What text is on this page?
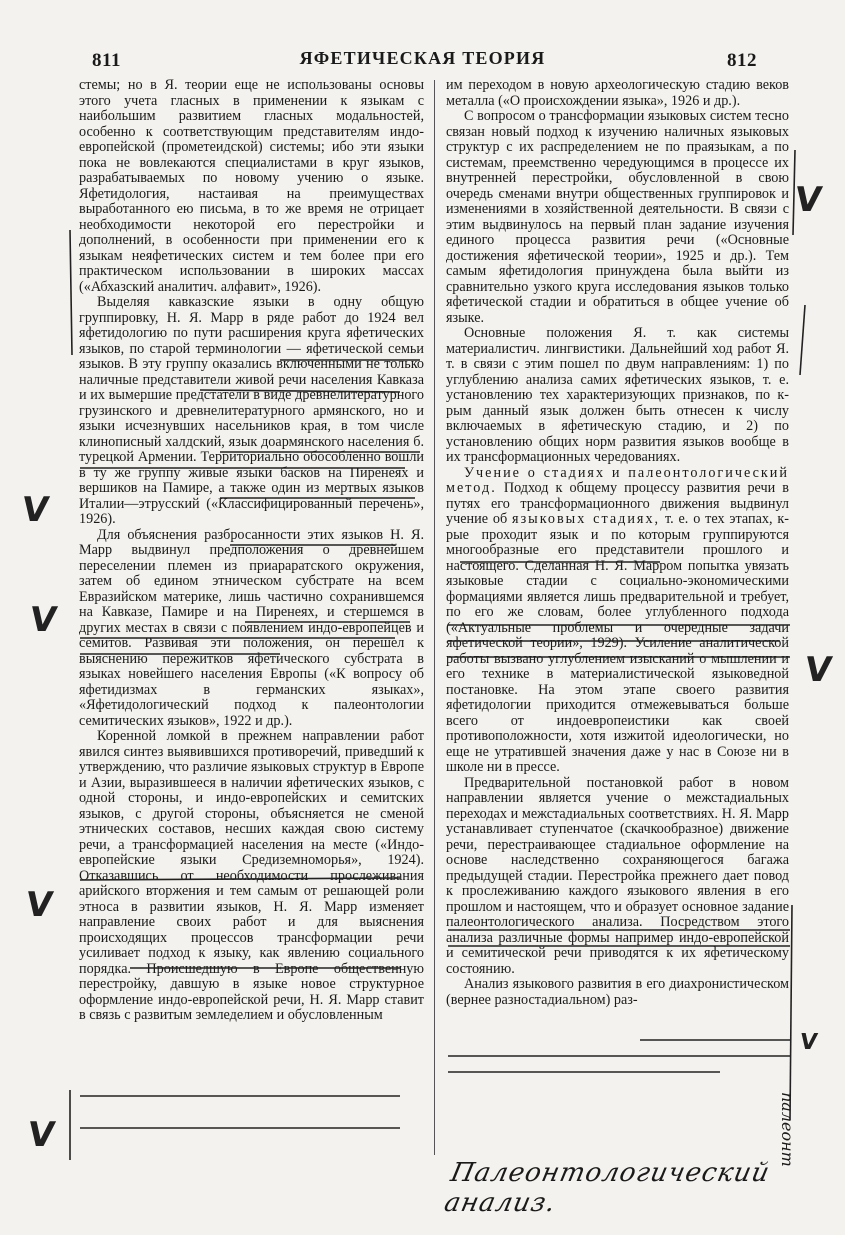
811	ЯФЕТИЧЕСКАЯ ТЕОРИЯ	812

стемы; но в Я. теории еще не использованы основы этого учета гласных в применении к языкам с наибольшим развитием гласных модальностей, особенно к соответствующим представителям индо-европейской (прометеидской) системы; ибо эти языки пока не вовлекаются специалистами в круг языков, разрабатываемых по новому учению о языке. Яфетидология, настаивая на преимуществах выработанного ею письма, в то же время не отрицает необходимости некоторой его перестройки и дополнений, в особенности при применении его к языкам неяфетических систем и тем более при его практическом использовании в широких массах («Абхазский аналитич. алфавит», 1926).

Выделяя кавказские языки в одну общую группировку, Н. Я. Марр в ряде работ до 1924 вел яфетидологию по пути расширения круга яфетических языков, по старой терминологии — яфетической семьи языков. В эту группу оказались включенными не только наличные представители живой речи населения Кавказа и их вымершие предстатели в виде древнелитературного грузинского и древнелитературного армянского, но и языки исчезнувших насельников края, в том числе клинописный халдский, язык доармянского населения б. турецкой Армении. Территориально обособленно вошли в ту же группу живые языки басков на Пиренеях и вершиков на Памире, а также один из мертвых языков Италии—этрусский («Классифицированный перечень», 1926).

Для объяснения разбросанности этих языков Н. Я. Марр выдвинул предположения о древнейшем переселении племен из приараратского окружения, затем об едином этническом субстрате на всем Евразийском материке, лишь частично сохранившемся на Кавказе, Памире и на Пиренеях, и стершемся в других местах в связи с появлением индо-европейцев и семитов. Развивая эти положения, он перешел к выяснению пережитков яфетического субстрата в языках новейшего населения Европы («К вопросу об яфетидизмах в германских языках», «Яфетидологический подход к палеонтологии семитических языков», 1922 и др.).

Коренной ломкой в прежнем направлении работ явился синтез выявившихся противоречий, приведший к утверждению, что различие языковых структур в Европе и Азии, выразившееся в наличии яфетических языков, с одной стороны, и индо-европейских и семитских языков, с другой стороны, объясняется не сменой этнических составов, несших каждая свою систему речи, а трансформацией населения на месте («Индо-европейские языки Средиземноморья», 1924). Отказавшись от необходимости прослеживания арийского вторжения и тем самым от решающей роли этноса в развитии языков, Н. Я. Марр изменяет направление своих работ и для выяснения происходящих процессов трансформации речи усиливает подход к языку, как явлению социального порядка. Происшедшую в Европе общественную перестройку, давшую в языке новое структурное оформление индо-европейской речи, Н. Я. Марр ставит в связь с развитым земледелием и обусловленным

им переходом в новую археологическую стадию веков металла («О происхождении языка», 1926 и др.).

С вопросом о трансформации языковых систем тесно связан новый подход к изучению наличных языковых структур с их распределением не по праязыкам, а по системам, преемственно чередующимся в процессе их внутренней перестройки, обусловленной в свою очередь сменами внутри общественных группировок и изменениями в хозяйственной деятельности. В связи с этим выдвинулось на первый план задание изучения единого процесса развития речи («Основные достижения яфетической теории», 1925 и др.). Тем самым яфетидология принуждена была выйти из сравнительно узкого круга исследования языков только яфетической стадии и обратиться в общее учение об языке.

Основные положения Я. т. как системы материалистич. лингвистики. Дальнейший ход работ Я. т. в связи с этим пошел по двум направлениям: 1) по углублению анализа самих яфетических языков, т. е. установлению тех характеризующих признаков, по к-рым данный язык должен быть отнесен к числу включаемых в яфетическую стадию, и 2) по установлению общих норм развития языков вообще в их трансформационных чередованиях.

Учение о стадиях и палеонтологический метод. Подход к общему процессу развития речи в путях его трансформационного движения выдвинул учение об языковых стадиях, т. е. о тех этапах, к-рые проходит язык и по которым группируются многообразные его представители прошлого и настоящего. Сделанная Н. Я. Марром попытка увязать языковые стадии с социально-экономическими формациями является лишь предварительной и требует, по его же словам, более углубленного подхода («Актуальные проблемы и очередные задачи яфетической теории», 1929). Усиление аналитической работы вызвано углублением изысканий о мышлении и его технике в материалистической языковедной постановке. На этом этапе своего развития яфетидологии приходится отмежевываться больше всего от индоевропеистики как своей противоположности, хотя изжитой идеологически, но еще не утратившей значения даже у нас в Союзе ни в школе ни в прессе.

Предварительной постановкой работ в новом направлении является учение о межстадиальных переходах и межстадиальных соответствиях. Н. Я. Марр устанавливает ступенчатое (скачкообразное) движение речи, перестраивающее стадиальное оформление на основе наследственно сохраняющегося багажа предыдущей стадии. Перестройка прежнего дает повод к прослеживанию каждого языкового явления в его прошлом и настоящем, что и образует основное задание палеонтологического анализа. Посредством этого анализа различные формы например индо-европейской и семитической речи приводятся к их яфетическому состоянию.

Анализ языкового развития в его диахронистическом (вернее разностадиальном) раз-

V
V
V
V
V
V
V
палеонт
Палеонтологический анализ.
